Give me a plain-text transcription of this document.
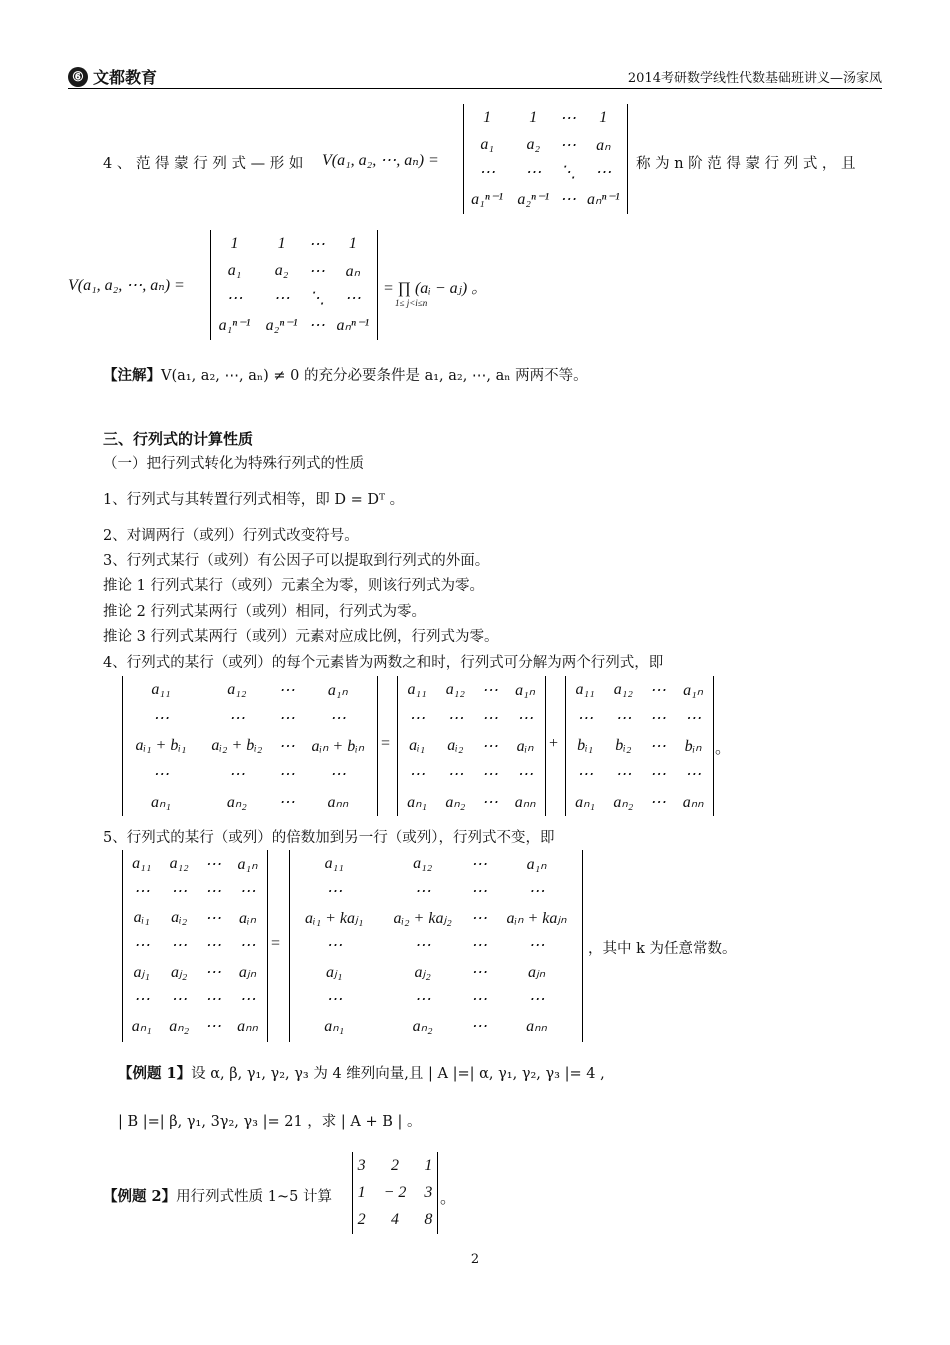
⑥ 文都教育	2014考研数学线性代数基础班讲义—汤家凤
4 、 范 得 蒙 行 列 式 — 形 如 V(a₁, a₂, ⋯, aₙ) =
1	1	⋯	1
a₁	a₂	⋯	aₙ
⋯	⋯	⋱	⋯
a₁ⁿ⁻¹	a₂ⁿ⁻¹	⋯	aₙⁿ⁻¹
称 为 n 阶 范 得 蒙 行 列 式 ， 且
V(a₁, a₂, ⋯, aₙ) =
1	1	⋯	1
a₁	a₂	⋯	aₙ
⋯	⋯	⋱	⋯
a₁ⁿ⁻¹	a₂ⁿ⁻¹	⋯	aₙⁿ⁻¹
= ∏ (aᵢ − aⱼ) 。
1≤ j<i≤n
【注解】V(a₁, a₂, ⋯, aₙ) ≠ 0 的充分必要条件是 a₁, a₂, ⋯, aₙ 两两不等。
三、行列式的计算性质
（一）把行列式转化为特殊行列式的性质
1、行列式与其转置行列式相等，即 D = Dᵀ 。
2、对调两行（或列）行列式改变符号。
3、行列式某行（或列）有公因子可以提取到行列式的外面。
推论 1 行列式某行（或列）元素全为零，则该行列式为零。
推论 2 行列式某两行（或列）相同，行列式为零。
推论 3 行列式某两行（或列）元素对应成比例，行列式为零。
4、行列式的某行（或列）的每个元素皆为两数之和时，行列式可分解为两个行列式，即
a₁₁	a₁₂	⋯	a₁ₙ
⋯	⋯	⋯	⋯
aᵢ₁ + bᵢ₁	aᵢ₂ + bᵢ₂	⋯	aᵢₙ + bᵢₙ
⋯	⋯	⋯	⋯
aₙ₁	aₙ₂	⋯	aₙₙ
=
a₁₁	a₁₂	⋯	a₁ₙ
⋯	⋯	⋯	⋯
aᵢ₁	aᵢ₂	⋯	aᵢₙ
⋯	⋯	⋯	⋯
aₙ₁	aₙ₂	⋯	aₙₙ
+
a₁₁	a₁₂	⋯	a₁ₙ
⋯	⋯	⋯	⋯
bᵢ₁	bᵢ₂	⋯	bᵢₙ
⋯	⋯	⋯	⋯
aₙ₁	aₙ₂	⋯	aₙₙ
。
5、行列式的某行（或列）的倍数加到另一行（或列），行列式不变，即
a₁₁	a₁₂	⋯	a₁ₙ
⋯	⋯	⋯	⋯
aᵢ₁	aᵢ₂	⋯	aᵢₙ
⋯	⋯	⋯	⋯
aⱼ₁	aⱼ₂	⋯	aⱼₙ
⋯	⋯	⋯	⋯
aₙ₁	aₙ₂	⋯	aₙₙ
=
a₁₁	a₁₂	⋯	a₁ₙ
⋯	⋯	⋯	⋯
aᵢ₁ + kaⱼ₁	aᵢ₂ + kaⱼ₂	⋯	aᵢₙ + kaⱼₙ
⋯	⋯	⋯	⋯
aⱼ₁	aⱼ₂	⋯	aⱼₙ
⋯	⋯	⋯	⋯
aₙ₁	aₙ₂	⋯	aₙₙ
，其中 k 为任意常数。
【例题 1】设 α, β, γ₁, γ₂, γ₃ 为 4 维列向量,且 | A |=| α, γ₁, γ₂, γ₃ |= 4 ,
| B |=| β, γ₁, 3γ₂, γ₃ |= 21 ，求 | A + B | 。
【例题 2】用行列式性质 1~5 计算
3	2	1
1	− 2	3
2	4	8
。
2
